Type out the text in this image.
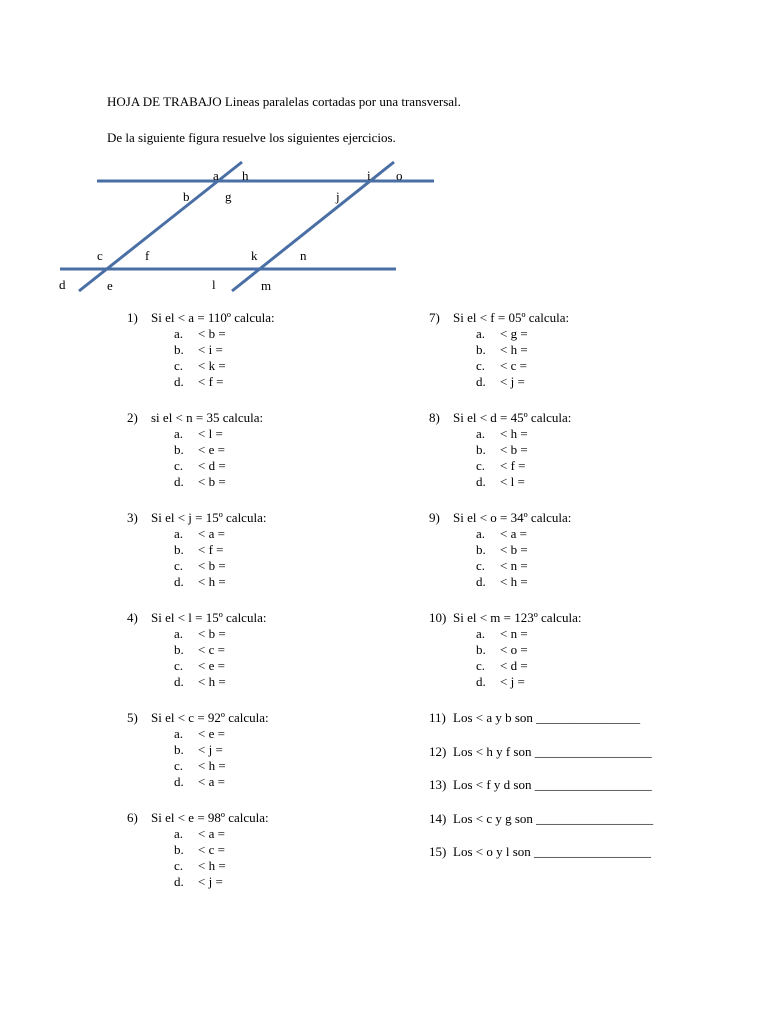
HOJA DE TRABAJO Lineas paralelas cortadas por una transversal.
De la siguiente figura resuelve los siguientes ejercicios.
a h
b	g
i o
j
c	f	k	n
d	e	l	m
1) Si el < a = 110º calcula:
a. < b =
b. < i =
c. < k =
d. < f =
2) si el < n = 35 calcula:
a. < l =
b. < e =
c. < d =
d. < b =
3) Si el < j = 15º calcula:
a. < a =
b. < f =
c. < b =
d. < h =
4) Si el < l = 15º calcula:
a. < b =
b. < c =
c. < e =
d. < h =
5) Si el < c = 92º calcula:
a. < e =
b. < j =
c. < h =
d. < a =
6) Si el < e = 98º calcula:
a. < a =
b. < c =
c. < h =
d. < j =
7) Si el < f = 05º calcula:
a. < g =
b. < h =
c. < c =
d. < j =
8) Si el < d = 45º calcula:
a. < h =
b. < b =
c. < f =
d. < l =
9) Si el < o = 34º calcula:
a. < a =
b. < b =
c. < n =
d. < h =
10) Si el < m = 123º calcula:
a. < n =
b. < o =
c. < d =
d. < j =
11) Los < a y b son ________________
12) Los < h y f son __________________
13) Los < f y d son __________________
14) Los < c y g son __________________
15) Los < o y l son __________________
